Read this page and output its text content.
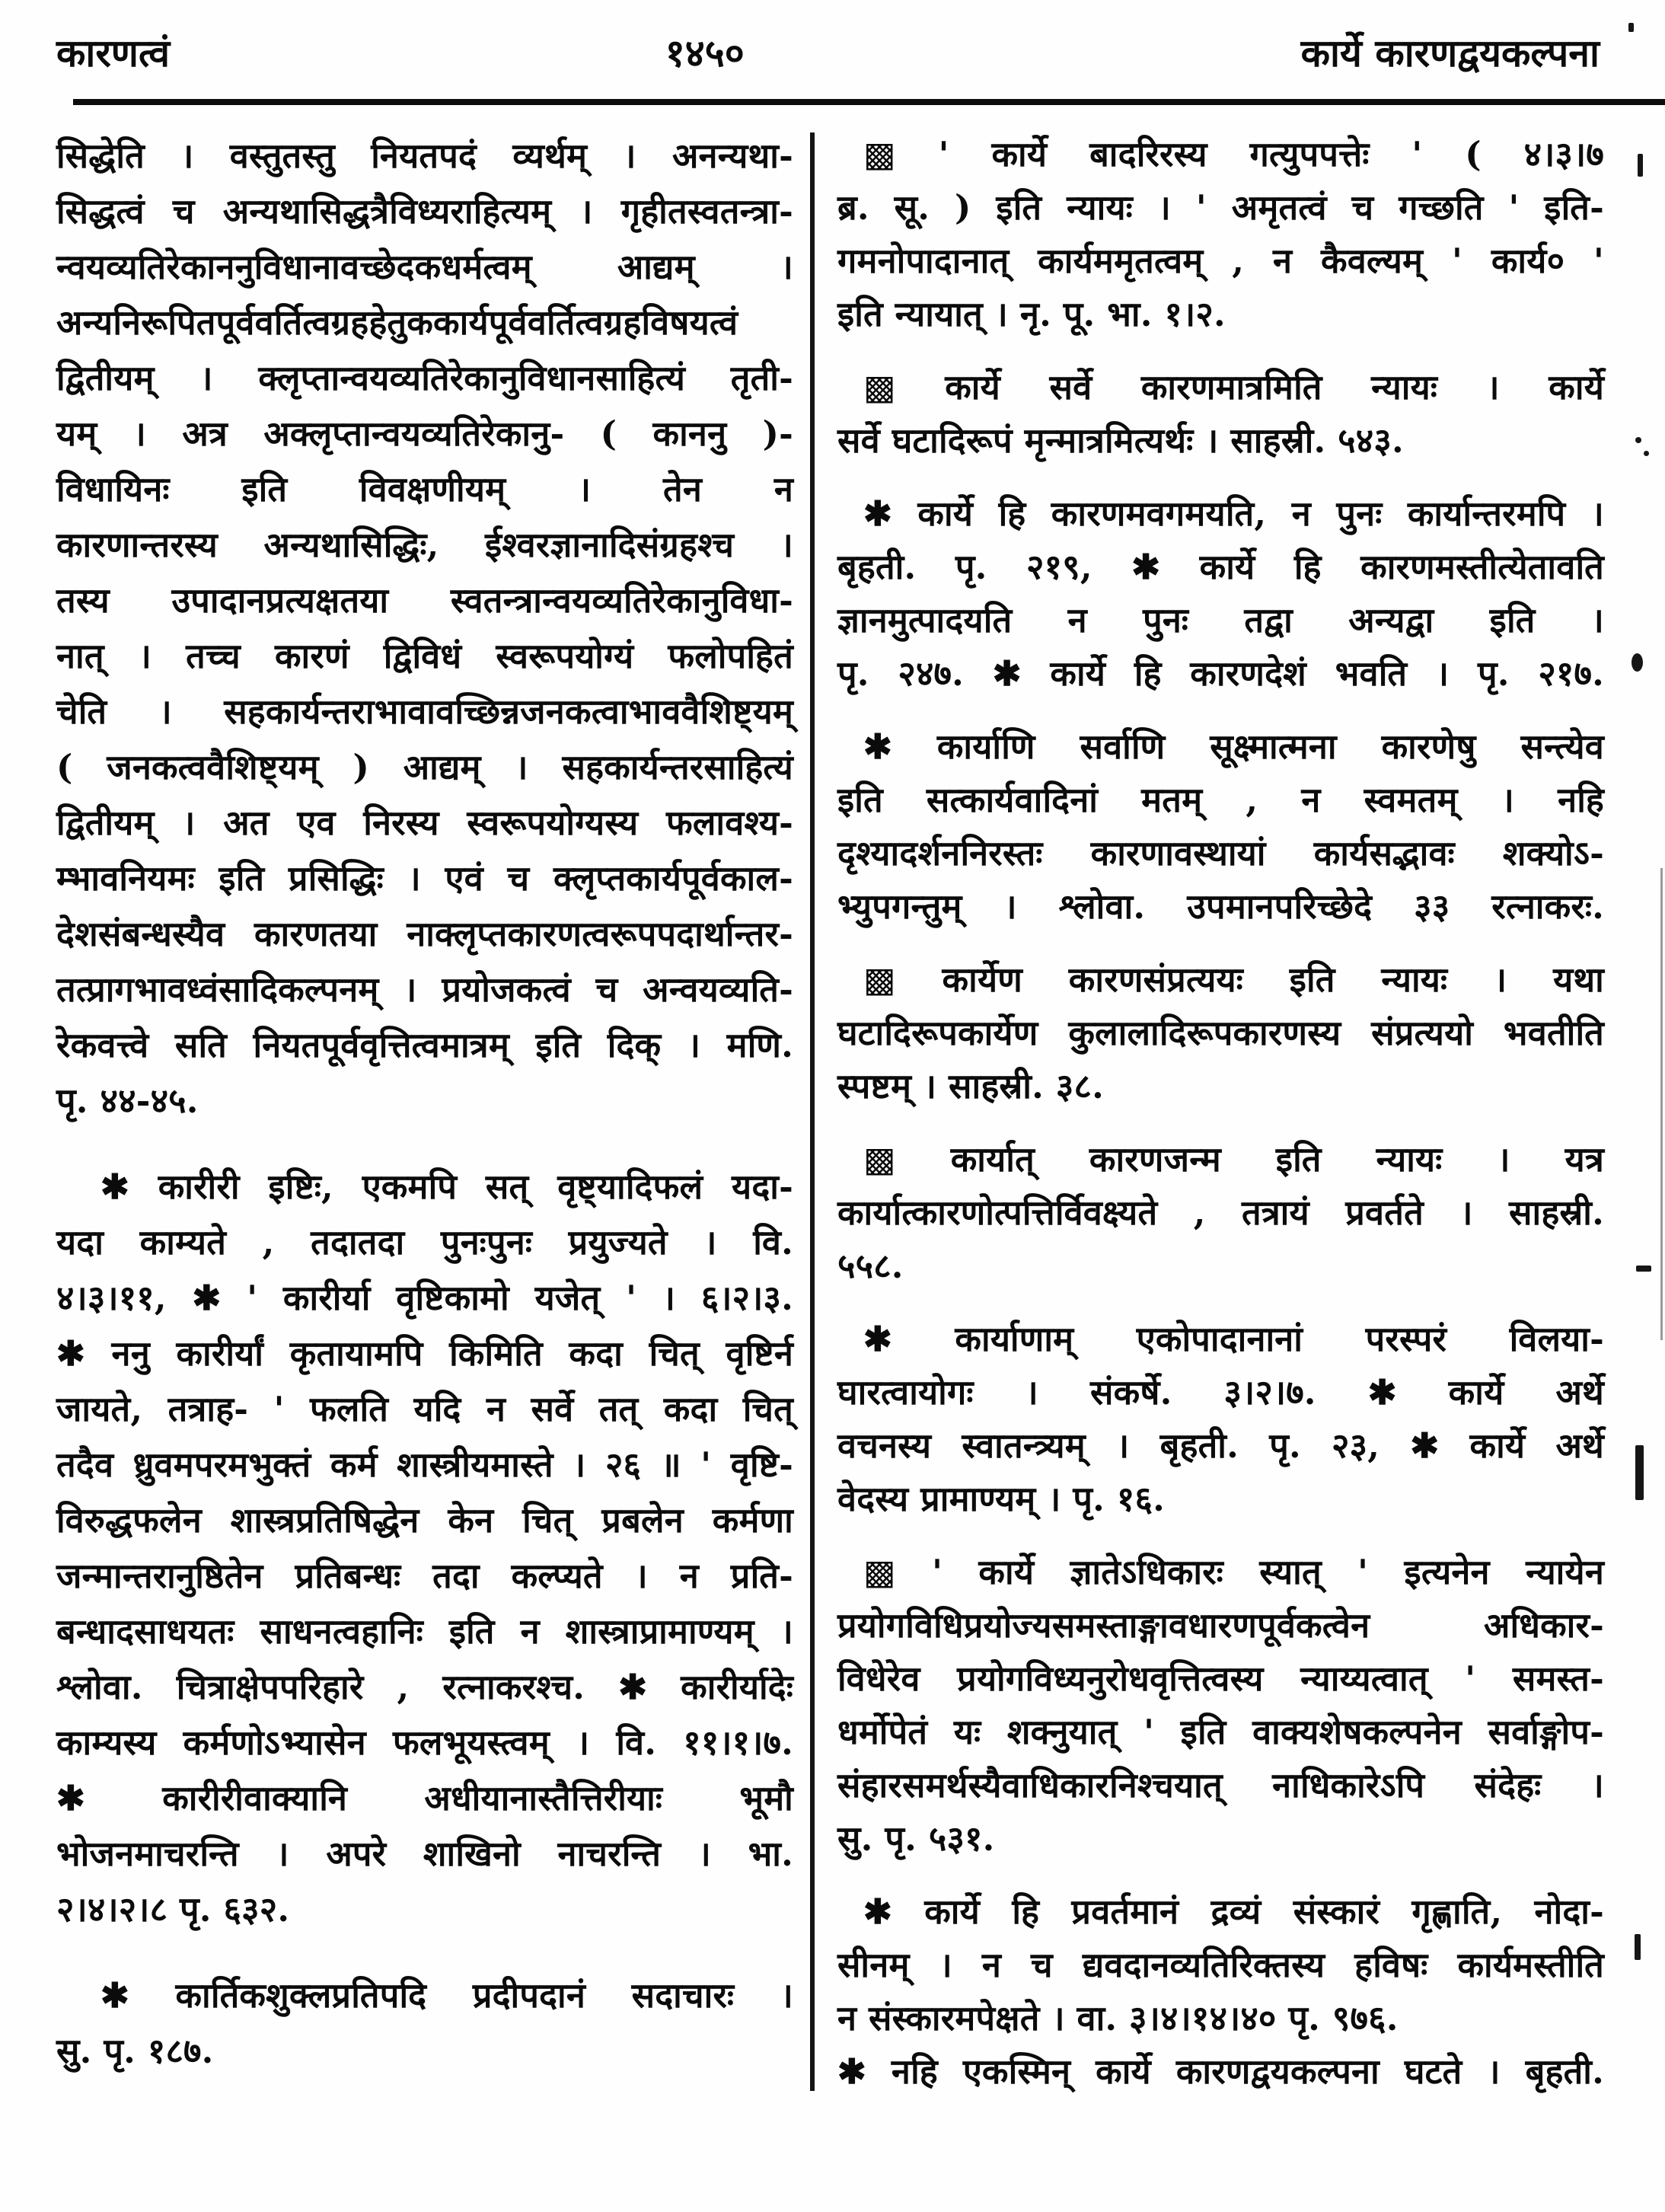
कारणत्वं	१४५०	कार्ये कारणद्वयकल्पना
सिद्धेति । वस्तुतस्तु नियतपदं व्यर्थम् । अनन्यथा-
सिद्धत्वं च अन्यथासिद्धत्रैविध्यराहित्यम् । गृहीतस्वतन्त्रा-
न्वयव्यतिरेकाननुविधानावच्छेदकधर्मत्वम् आद्यम् ।
अन्यनिरूपितपूर्ववर्तित्वग्रहहेतुककार्यपूर्ववर्तित्वग्रहविषयत्वं
द्वितीयम् । क्लृप्तान्वयव्यतिरेकानुविधानसाहित्यं तृती-
यम् । अत्र अक्लृप्तान्वयव्यतिरेकानु- ( काननु )-
विधायिनः इति विवक्षणीयम् । तेन न
कारणान्तरस्य अन्यथासिद्धिः, ईश्वरज्ञानादिसंग्रहश्च ।
तस्य उपादानप्रत्यक्षतया स्वतन्त्रान्वयव्यतिरेकानुविधा-
नात् । तच्च कारणं द्विविधं स्वरूपयोग्यं फलोपहितं
चेति । सहकार्यन्तराभावावच्छिन्नजनकत्वाभाववैशिष्ट्यम्
( जनकत्ववैशिष्ट्यम् ) आद्यम् । सहकार्यन्तरसाहित्यं
द्वितीयम् । अत एव निरस्य स्वरूपयोग्यस्य फलावश्य-
म्भावनियमः इति प्रसिद्धिः । एवं च क्लृप्तकार्यपूर्वकाल-
देशसंबन्धस्यैव कारणतया नाक्लृप्तकारणत्वरूपपदार्थान्तर-
तत्प्रागभावध्वंसादिकल्पनम् । प्रयोजकत्वं च अन्वयव्यति-
रेकवत्त्वे सति नियतपूर्ववृत्तित्वमात्रम् इति दिक् । मणि.
पृ. ४४-४५.
✱ कारीरी इष्टिः, एकमपि सत् वृष्ट्यादिफलं यदा-
यदा काम्यते , तदातदा पुनःपुनः प्रयुज्यते । वि.
४।३।११, ✱ ' कारीर्या वृष्टिकामो यजेत् ' । ६।२।३.
✱ ननु कारीर्यां कृतायामपि किमिति कदा चित् वृष्टिर्न
जायते, तत्राह- ' फलति यदि न सर्वे तत् कदा चित्
तदैव ध्रुवमपरमभुक्तं कर्म शास्त्रीयमास्ते । २६ ॥ ' वृष्टि-
विरुद्धफलेन शास्त्रप्रतिषिद्धेन केन चित् प्रबलेन कर्मणा
जन्मान्तरानुष्ठितेन प्रतिबन्धः तदा कल्प्यते । न प्रति-
बन्धादसाधयतः साधनत्वहानिः इति न शास्त्राप्रामाण्यम् ।
श्लोवा. चित्राक्षेपपरिहारे , रत्नाकरश्च. ✱ कारीर्यादेः
काम्यस्य कर्मणोऽभ्यासेन फलभूयस्त्वम् । वि. ११।१।७.
✱ कारीरीवाक्यानि अधीयानास्तैत्तिरीयाः भूमौ
भोजनमाचरन्ति । अपरे शाखिनो नाचरन्ति । भा.
२।४।२।८ पृ. ६३२.
✱ कार्तिकशुक्लप्रतिपदि प्रदीपदानं सदाचारः ।
सु. पृ. १८७.
▩ ' कार्ये बादरिरस्य गत्युपपत्तेः ' ( ४।३।७
ब्र. सू. ) इति न्यायः । ' अमृतत्वं च गच्छति ' इति-
गमनोपादानात् कार्यममृतत्वम् , न कैवल्यम् ' कार्य० '
इति न्यायात् । नृ. पू. भा. १।२.
▩ कार्ये सर्वे कारणमात्रमिति न्यायः । कार्ये
सर्वे घटादिरूपं मृन्मात्रमित्यर्थः । साहस्री. ५४३.
✱ कार्ये हि कारणमवगमयति, न पुनः कार्यान्तरमपि ।
बृहती. पृ. २१९, ✱ कार्ये हि कारणमस्तीत्येतावति
ज्ञानमुत्पादयति न पुनः तद्वा अन्यद्वा इति ।
पृ. २४७. ✱ कार्ये हि कारणदेशं भवति । पृ. २१७.
✱ कार्याणि सर्वाणि सूक्ष्मात्मना कारणेषु सन्त्येव
इति सत्कार्यवादिनां मतम् , न स्वमतम् । नहि
दृश्यादर्शननिरस्तः कारणावस्थायां कार्यसद्भावः शक्योऽ-
भ्युपगन्तुम् । श्लोवा. उपमानपरिच्छेदे ३३ रत्नाकरः.
▩ कार्येण कारणसंप्रत्ययः इति न्यायः । यथा
घटादिरूपकार्येण कुलालादिरूपकारणस्य संप्रत्ययो भवतीति
स्पष्टम् । साहस्री. ३८.
▩ कार्यात् कारणजन्म इति न्यायः । यत्र
कार्यात्कारणोत्पत्तिर्विवक्ष्यते , तत्रायं प्रवर्तते । साहस्री.
५५८.
✱ कार्याणाम् एकोपादानानां परस्परं विलया-
घारत्वायोगः । संकर्षे. ३।२।७. ✱ कार्ये अर्थे
वचनस्य स्वातन्त्र्यम् । बृहती. पृ. २३, ✱ कार्ये अर्थे
वेदस्य प्रामाण्यम् । पृ. १६.
▩ ' कार्ये ज्ञातेऽधिकारः स्यात् ' इत्यनेन न्यायेन
प्रयोगविधिप्रयोज्यसमस्ताङ्गावधारणपूर्वकत्वेन अधिकार-
विधेरेव प्रयोगविध्यनुरोधवृत्तित्वस्य न्याय्यत्वात् ' समस्त-
धर्मोपेतं यः शक्नुयात् ' इति वाक्यशेषकल्पनेन सर्वाङ्गोप-
संहारसमर्थस्यैवाधिकारनिश्चयात् नाधिकारेऽपि संदेहः ।
सु. पृ. ५३१.
✱ कार्ये हि प्रवर्तमानं द्रव्यं संस्कारं गृह्णाति, नोदा-
सीनम् । न च द्यवदानव्यतिरिक्तस्य हविषः कार्यमस्तीति
न संस्कारमपेक्षते । वा. ३।४।१४।४० पृ. ९७६.
✱ नहि एकस्मिन् कार्ये कारणद्वयकल्पना घटते । बृहती.
